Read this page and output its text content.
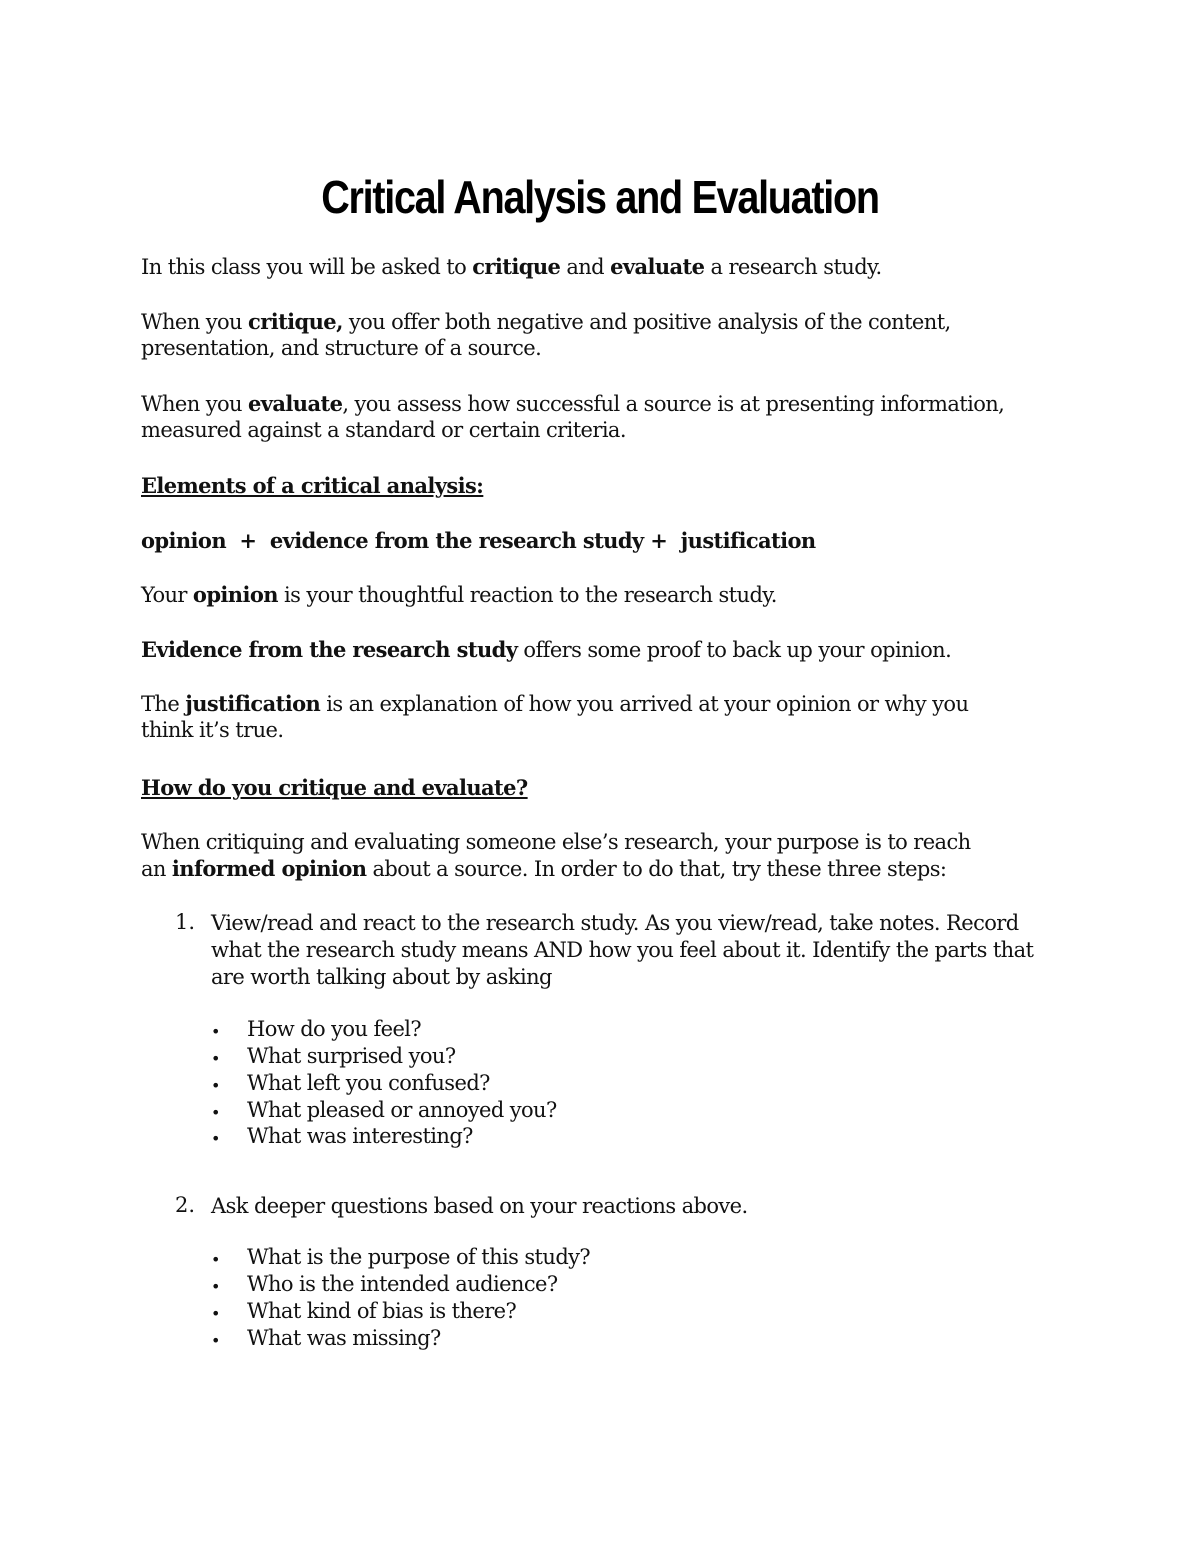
Critical Analysis and Evaluation
In this class you will be asked to critique and evaluate a research study.
When you critique, you offer both negative and positive analysis of the content,
presentation, and structure of a source.
When you evaluate, you assess how successful a source is at presenting information,
measured against a standard or certain criteria.
Elements of a critical analysis:
opinion  +  evidence from the research study +  justification
Your opinion is your thoughtful reaction to the research study.
Evidence from the research study offers some proof to back up your opinion.
The justification is an explanation of how you arrived at your opinion or why you
think it’s true.
How do you critique and evaluate?
When critiquing and evaluating someone else’s research, your purpose is to reach
an informed opinion about a source. In order to do that, try these three steps:
1. View/read and react to the research study. As you view/read, take notes. Record
what the research study means AND how you feel about it. Identify the parts that
are worth talking about by asking
• How do you feel?
• What surprised you?
• What left you confused?
• What pleased or annoyed you?
• What was interesting?
2. Ask deeper questions based on your reactions above.
• What is the purpose of this study?
• Who is the intended audience?
• What kind of bias is there?
• What was missing?
